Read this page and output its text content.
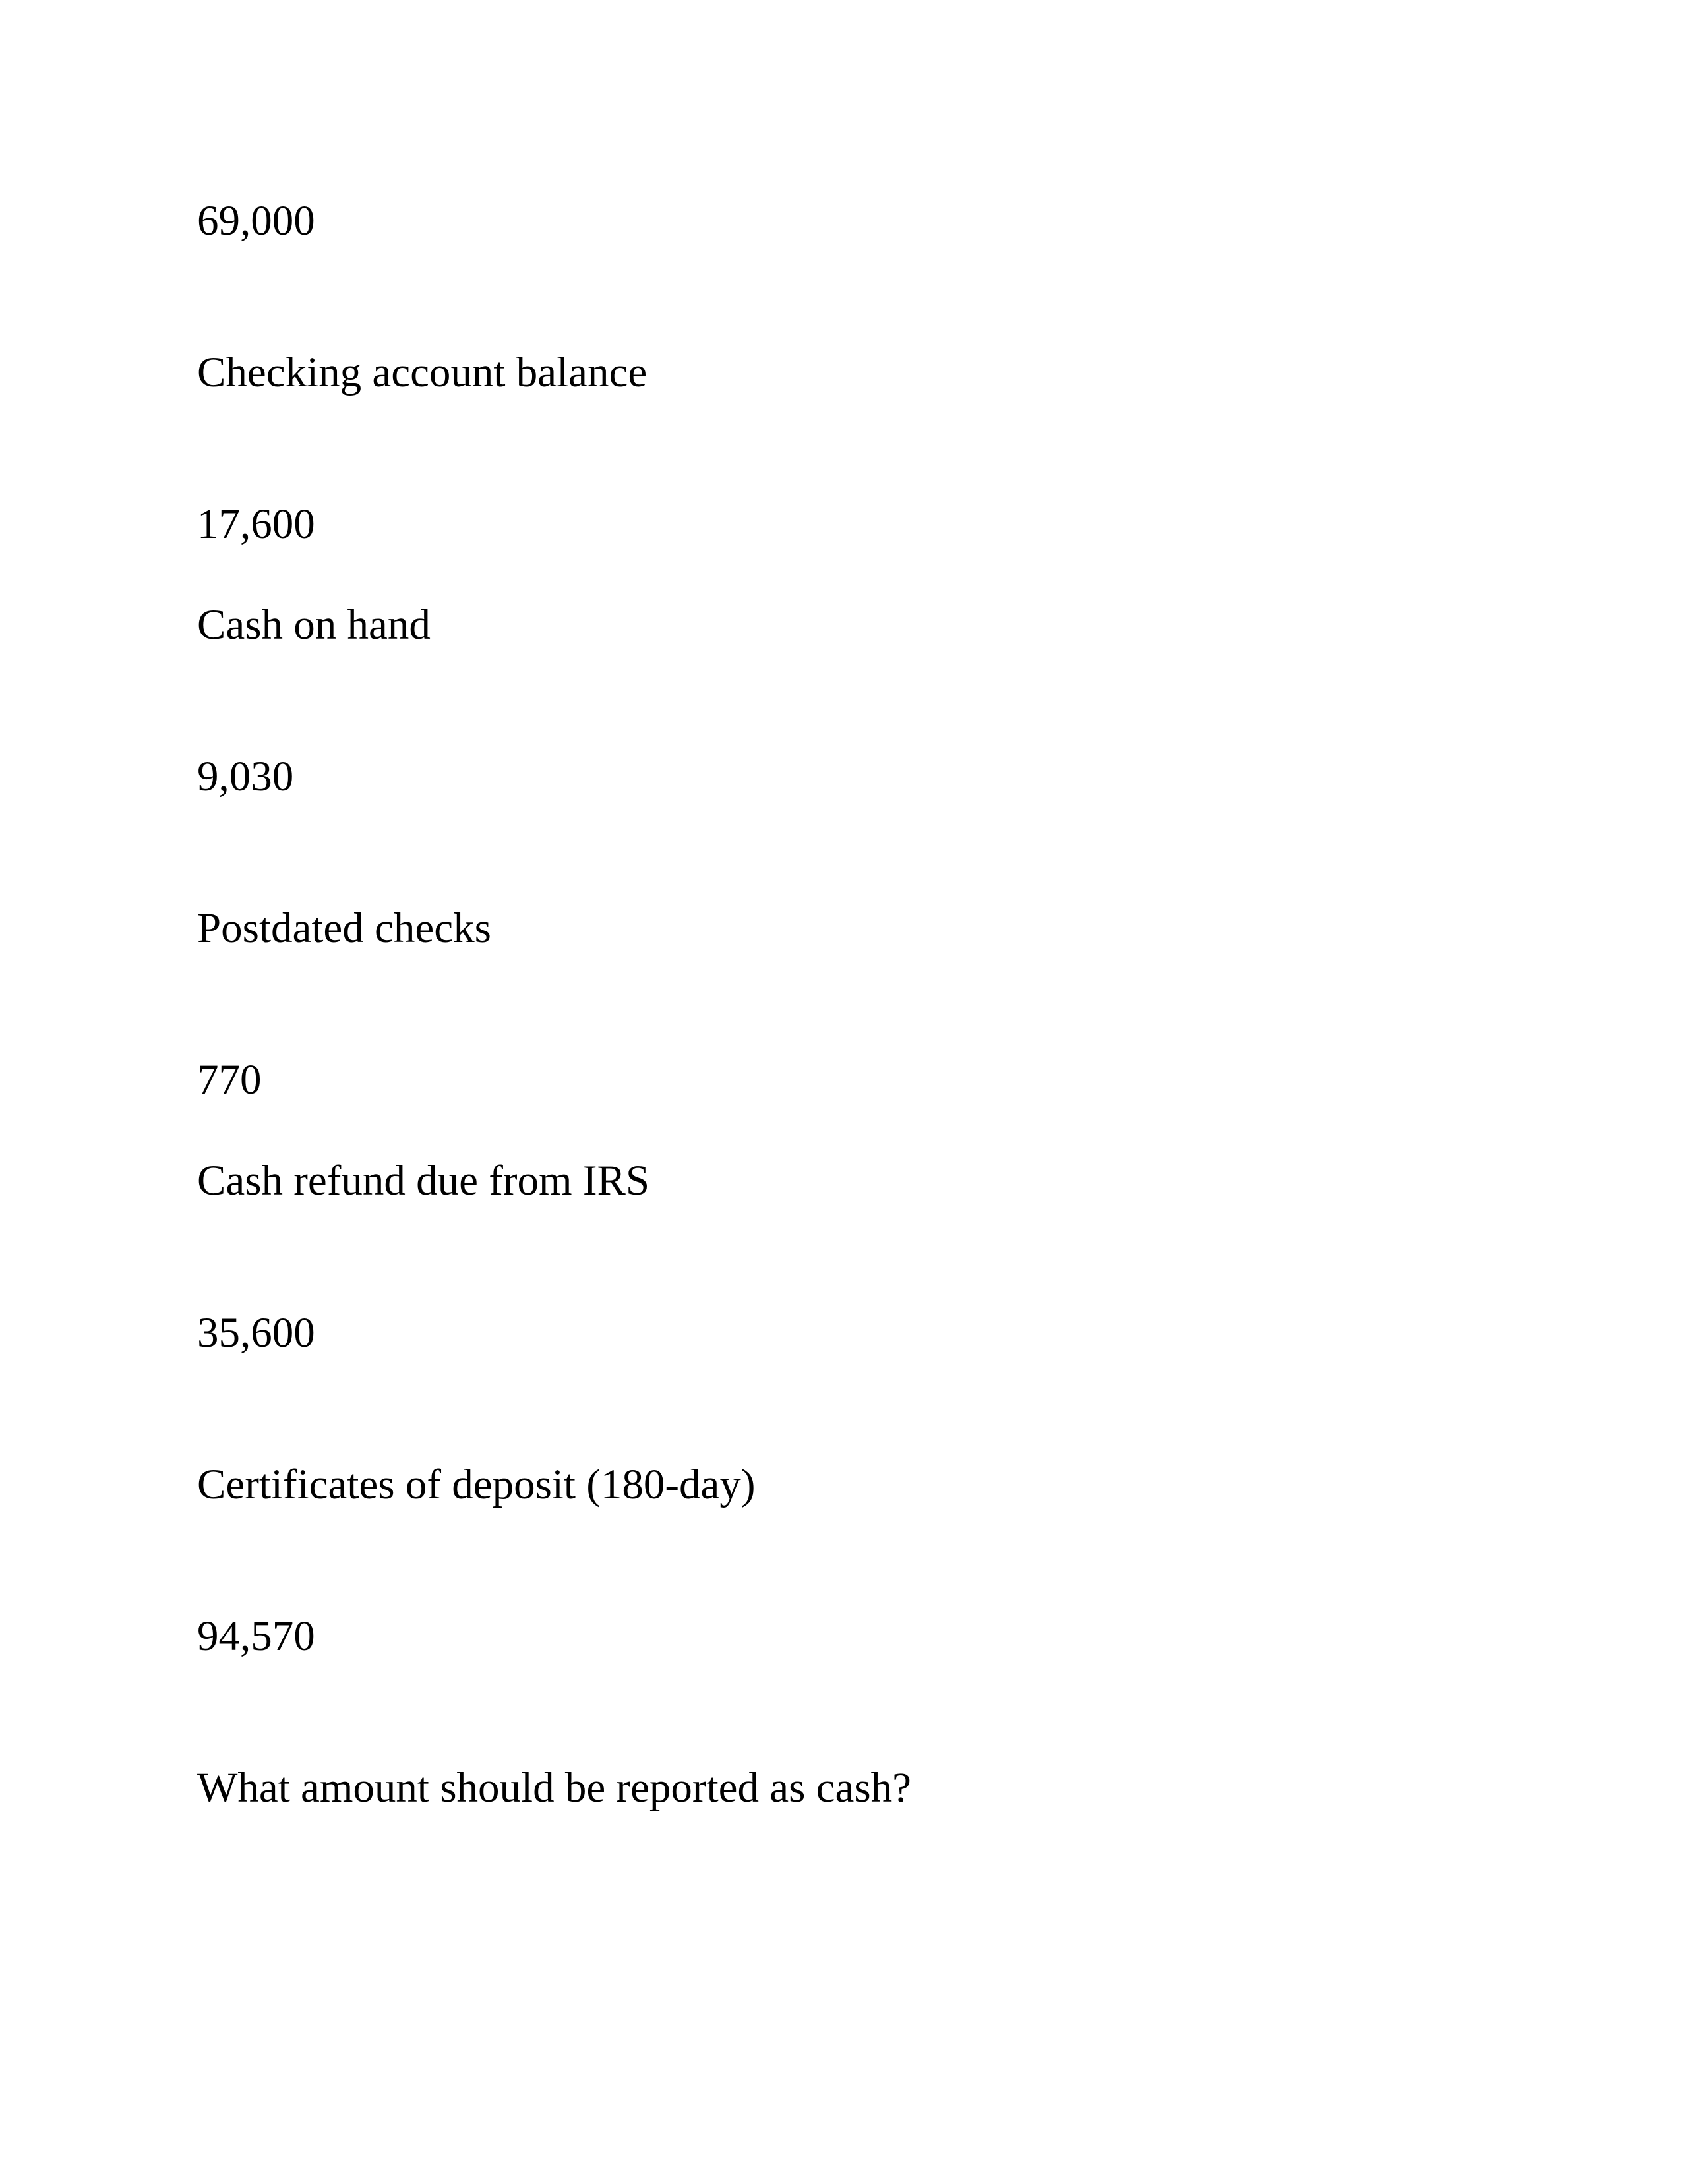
69,000

Checking account balance

17,600

Cash on hand

9,030

Postdated checks

770

Cash refund due from IRS

35,600

Certificates of deposit (180-day)

94,570

What amount should be reported as cash?
